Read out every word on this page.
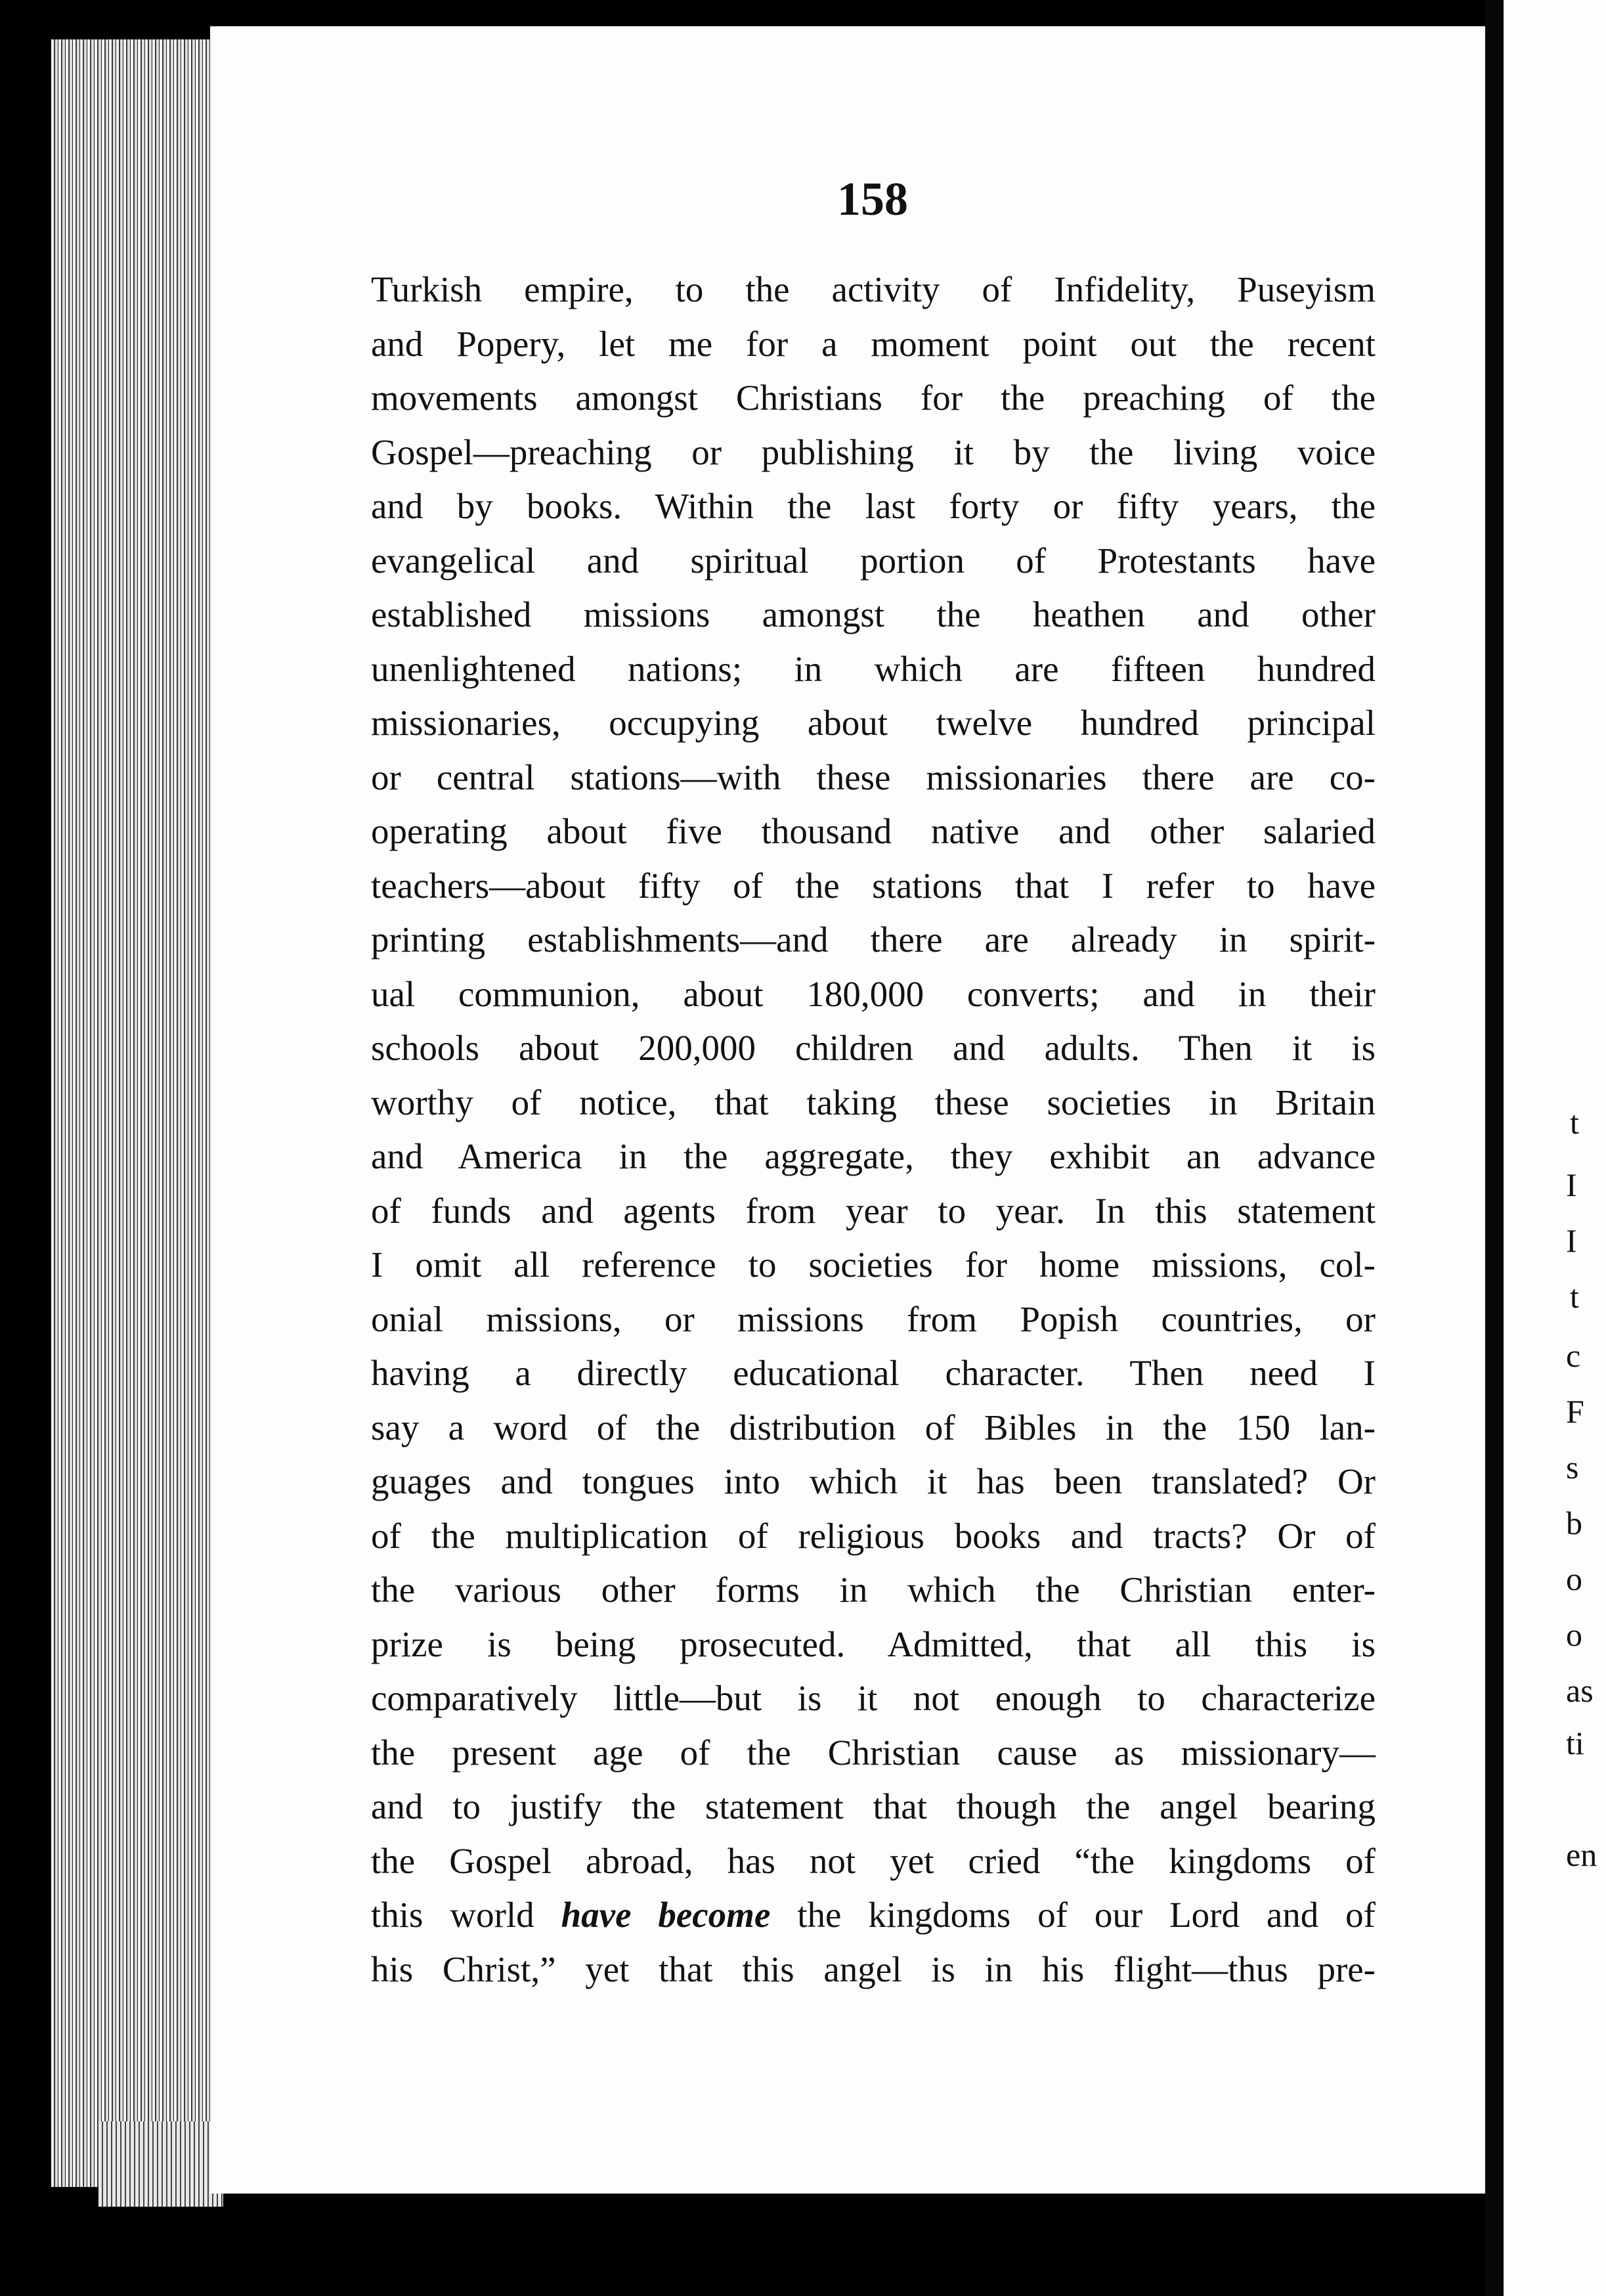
158
Turkish empire, to the activity of Infidelity, Puseyism
and Popery, let me for a moment point out the recent
movements amongst Christians for the preaching of the
Gospel—preaching or publishing it by the living voice
and by books. Within the last forty or fifty years, the
evangelical and spiritual portion of Protestants have
established missions amongst the heathen and other
unenlightened nations; in which are fifteen hundred
missionaries, occupying about twelve hundred principal
or central stations—with these missionaries there are co-
operating about five thousand native and other salaried
teachers—about fifty of the stations that I refer to have
printing establishments—and there are already in spirit-
ual communion, about 180,000 converts; and in their
schools about 200,000 children and adults. Then it is
worthy of notice, that taking these societies in Britain
and America in the aggregate, they exhibit an advance
of funds and agents from year to year. In this statement
I omit all reference to societies for home missions, col-
onial missions, or missions from Popish countries, or
having a directly educational character. Then need I
say a word of the distribution of Bibles in the 150 lan-
guages and tongues into which it has been translated? Or
of the multiplication of religious books and tracts? Or of
the various other forms in which the Christian enter-
prize is being prosecuted. Admitted, that all this is
comparatively little—but is it not enough to characterize
the present age of the Christian cause as missionary—
and to justify the statement that though the angel bearing
the Gospel abroad, has not yet cried “the kingdoms of
this world have become the kingdoms of our Lord and of
his Christ,” yet that this angel is in his flight—thus pre-
t
I
I
t
c
F
s
b
o
o
as
ti
en
